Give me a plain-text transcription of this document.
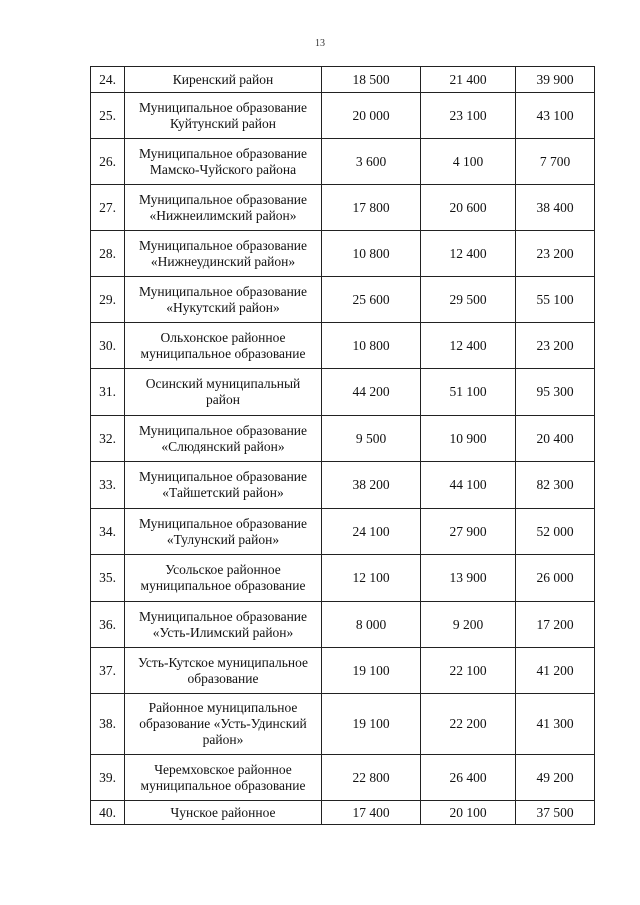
13
24.	Киренский район	18 500	21 400	39 900
25.	Муниципальное образование
Куйтунский район	20 000	23 100	43 100
26.	Муниципальное образование
Мамско-Чуйского района	3 600	4 100	7 700
27.	Муниципальное образование
«Нижнеилимский район»	17 800	20 600	38 400
28.	Муниципальное образование
«Нижнеудинский район»	10 800	12 400	23 200
29.	Муниципальное образование
«Нукутский район»	25 600	29 500	55 100
30.	Ольхонское районное
муниципальное образование	10 800	12 400	23 200
31.	Осинский муниципальный
район	44 200	51 100	95 300
32.	Муниципальное образование
«Слюдянский район»	9 500	10 900	20 400
33.	Муниципальное образование
«Тайшетский район»	38 200	44 100	82 300
34.	Муниципальное образование
«Тулунский район»	24 100	27 900	52 000
35.	Усольское районное
муниципальное образование	12 100	13 900	26 000
36.	Муниципальное образование
«Усть-Илимский район»	8 000	9 200	17 200
37.	Усть-Кутское муниципальное
образование	19 100	22 100	41 200
38.	Районное муниципальное
образование «Усть-Удинский
район»	19 100	22 200	41 300
39.	Черемховское районное
муниципальное образование	22 800	26 400	49 200
40.	Чунское районное	17 400	20 100	37 500
